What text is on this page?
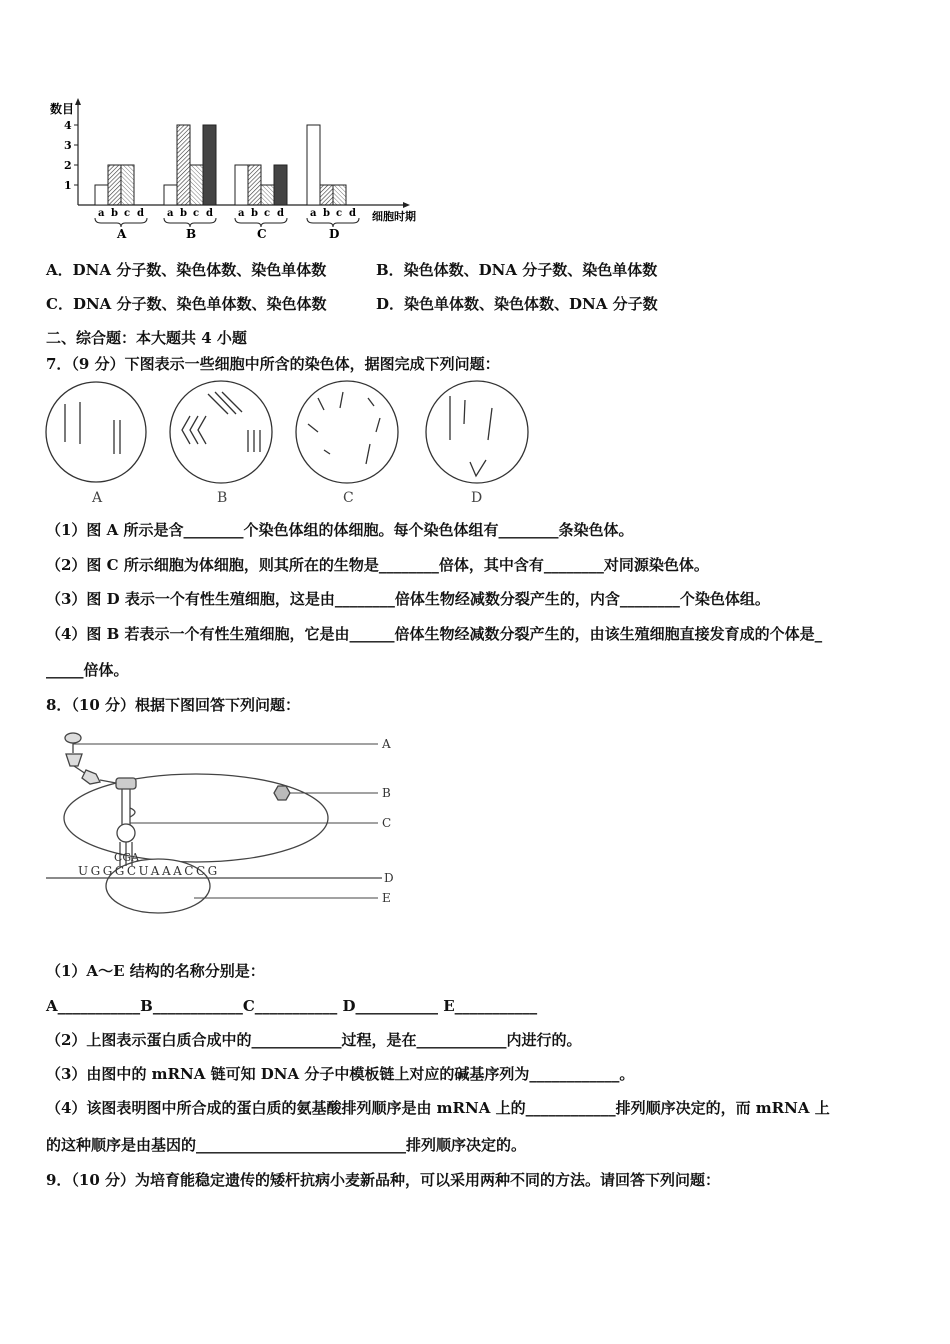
数目
1
2
3
4
a b c d
A
a b c d
B
a b c d
C
a b c d
D
细胞时期
A．DNA 分子数、染色体数、染色单体数	B．染色体数、DNA 分子数、染色单体数
C．DNA 分子数、染色单体数、染色体数	D．染色单体数、染色体数、DNA 分子数
二、综合题：本大题共 4 小题
7．（9 分）下图表示一些细胞中所含的染色体，据图完成下列问题：
A	B	C	D
（1）图 A 所示是含________个染色体组的体细胞。每个染色体组有________条染色体。
（2）图 C 所示细胞为体细胞，则其所在的生物是________倍体，其中含有________对同源染色体。
（3）图 D 表示一个有性生殖细胞，这是由________倍体生物经减数分裂产生的，内含________个染色体组。
（4）图 B 若表示一个有性生殖细胞，它是由______倍体生物经减数分裂产生的，由该生殖细胞直接发育成的个体是_
_____倍体。
8．（10 分）根据下图回答下列问题：
CGA
UGGGCUAAACCG
A
B
C
D
E
（1）A～E 结构的名称分别是：
A___________B____________C___________ D___________ E___________
（2）上图表示蛋白质合成中的____________过程，是在____________内进行的。
（3）由图中的 mRNA 链可知 DNA 分子中模板链上对应的碱基序列为____________。
（4）该图表明图中所合成的蛋白质的氨基酸排列顺序是由 mRNA 上的____________排列顺序决定的，而 mRNA 上
的这种顺序是由基因的____________________________排列顺序决定的。
9．（10 分）为培育能稳定遗传的矮杆抗病小麦新品种，可以采用两种不同的方法。请回答下列问题：
